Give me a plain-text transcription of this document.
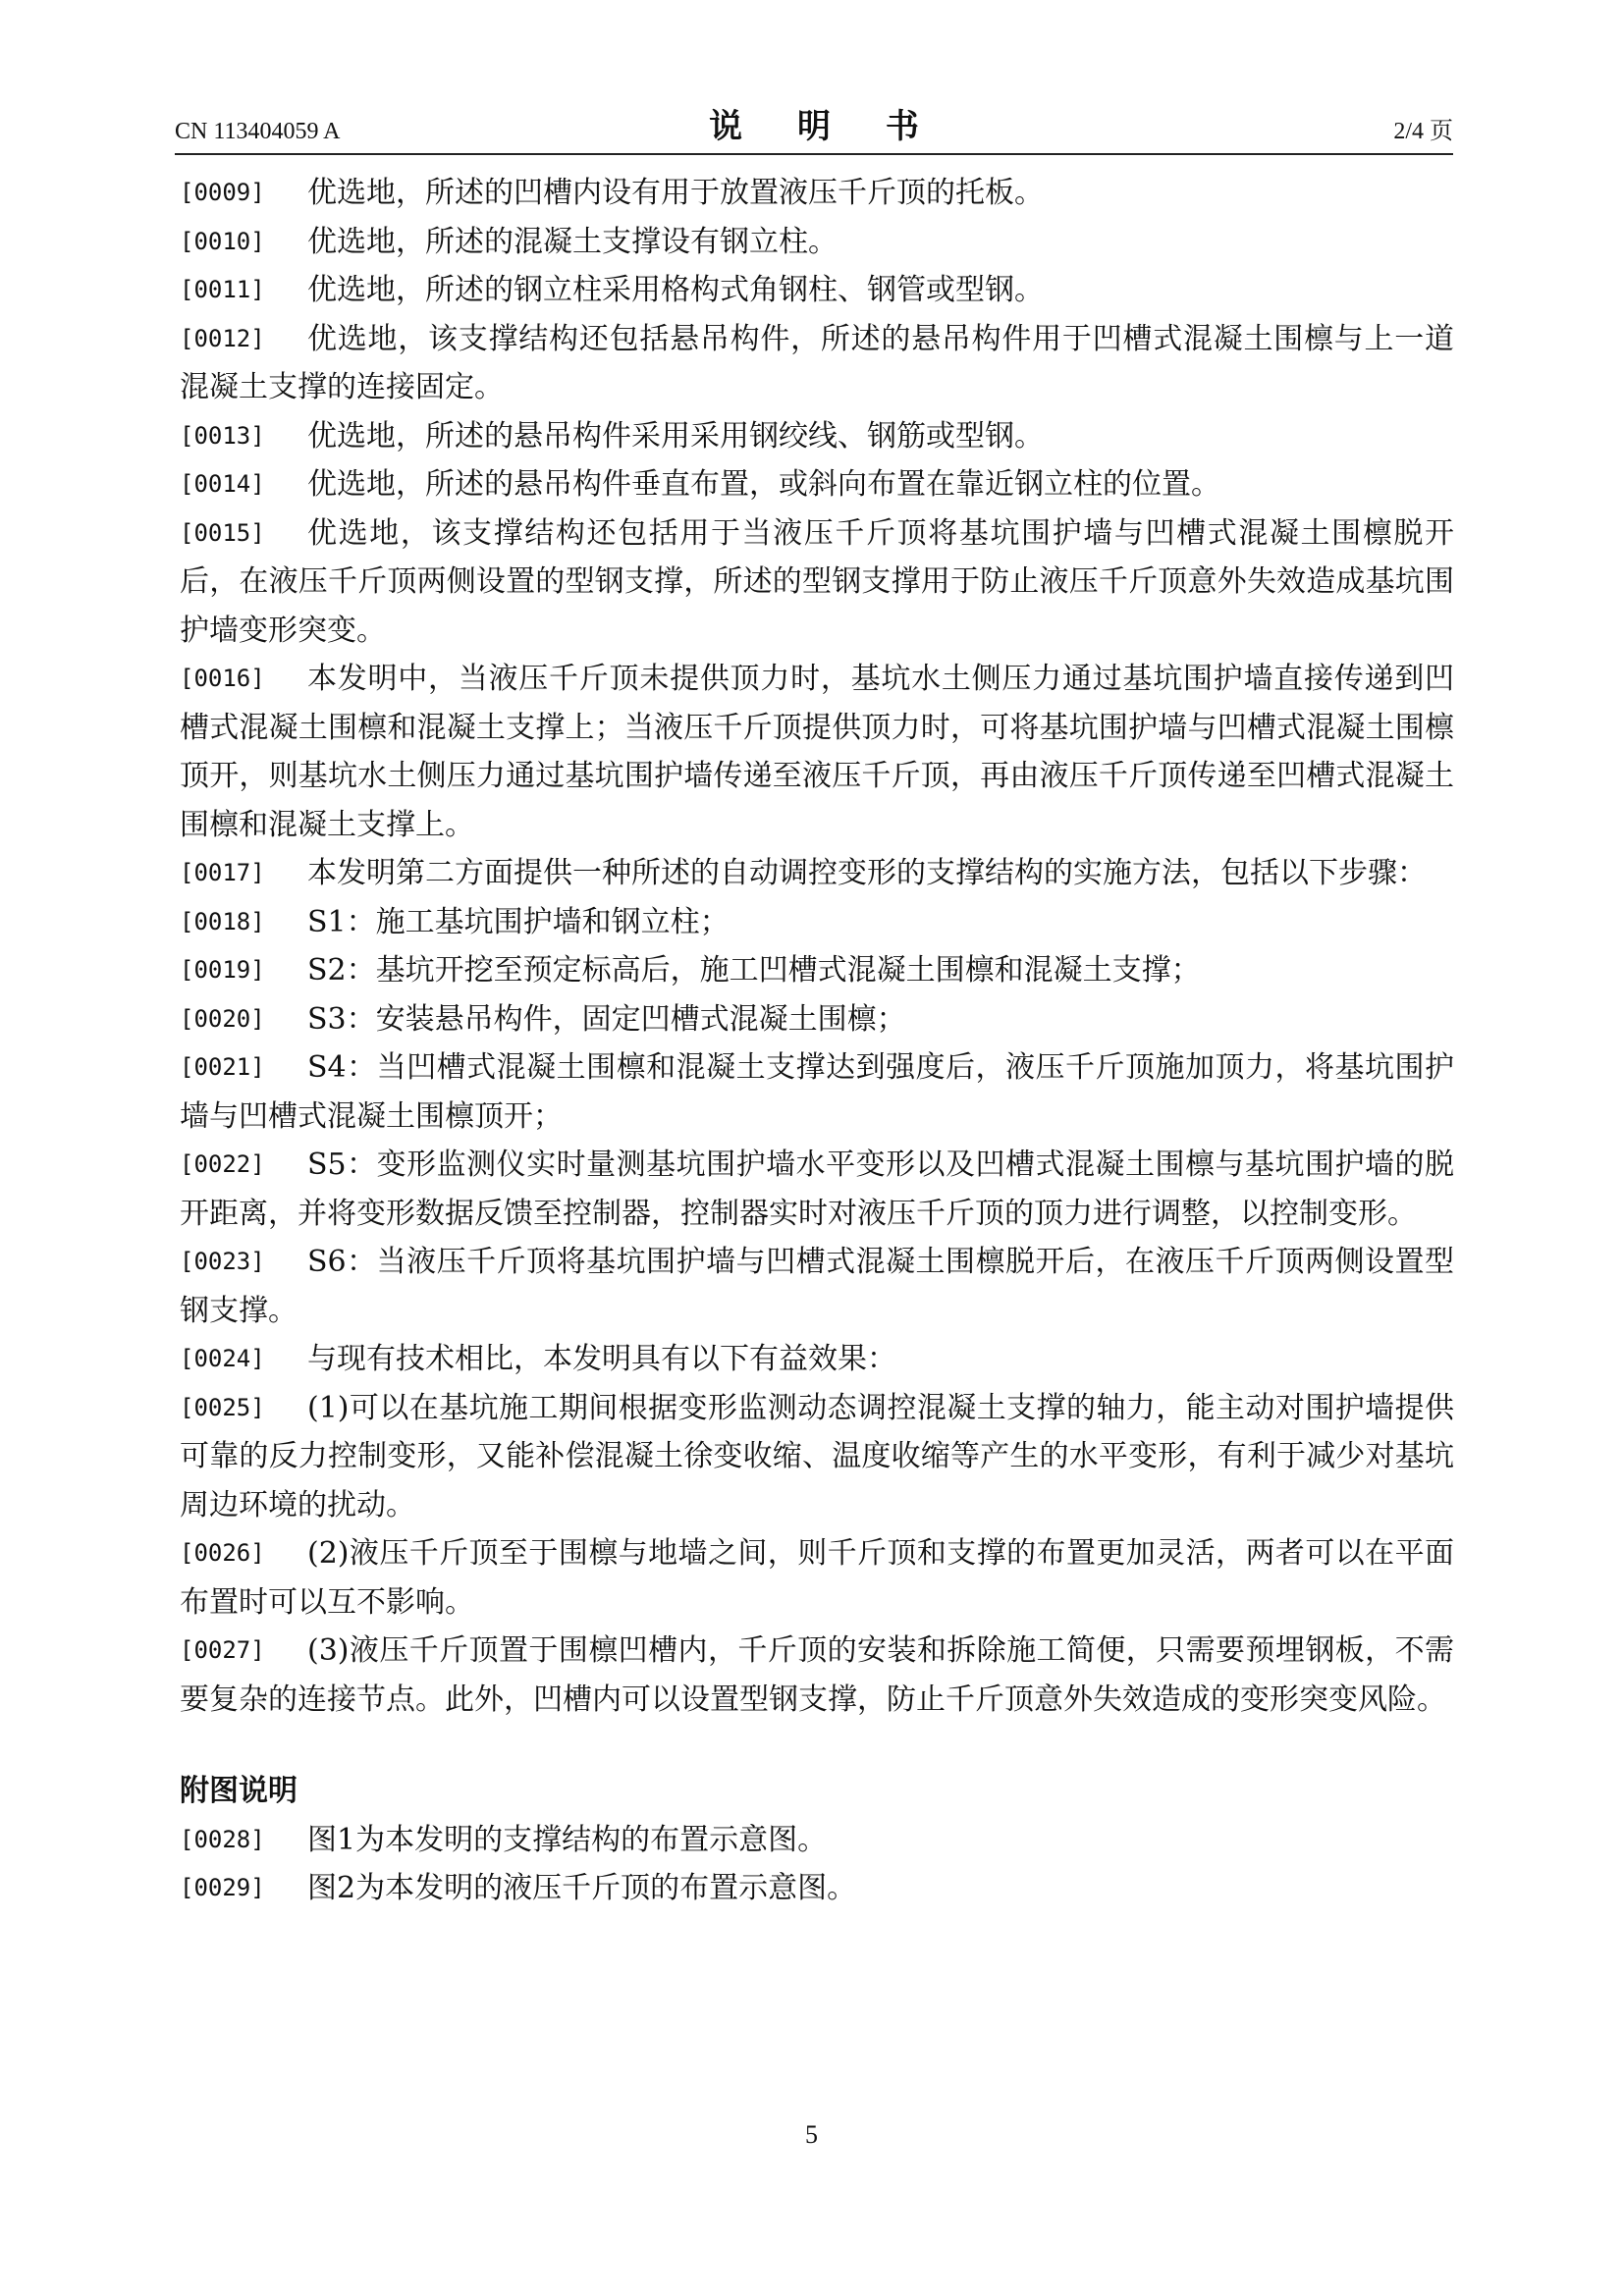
CN 113404059 A	说 明 书	2/4 页

[0009]	优选地，所述的凹槽内设有用于放置液压千斤顶的托板。

[0010]	优选地，所述的混凝土支撑设有钢立柱。

[0011]	优选地，所述的钢立柱采用格构式角钢柱、钢管或型钢。

[0012]	优选地，该支撑结构还包括悬吊构件，所述的悬吊构件用于凹槽式混凝土围檩与上一道混凝土支撑的连接固定。

[0013]	优选地，所述的悬吊构件采用采用钢绞线、钢筋或型钢。

[0014]	优选地，所述的悬吊构件垂直布置，或斜向布置在靠近钢立柱的位置。

[0015]	优选地，该支撑结构还包括用于当液压千斤顶将基坑围护墙与凹槽式混凝土围檩脱开后，在液压千斤顶两侧设置的型钢支撑，所述的型钢支撑用于防止液压千斤顶意外失效造成基坑围护墙变形突变。

[0016]	本发明中，当液压千斤顶未提供顶力时，基坑水土侧压力通过基坑围护墙直接传递到凹槽式混凝土围檩和混凝土支撑上；当液压千斤顶提供顶力时，可将基坑围护墙与凹槽式混凝土围檩顶开，则基坑水土侧压力通过基坑围护墙传递至液压千斤顶，再由液压千斤顶传递至凹槽式混凝土围檩和混凝土支撑上。

[0017]	本发明第二方面提供一种所述的自动调控变形的支撑结构的实施方法，包括以下步骤：

[0018]	S1：施工基坑围护墙和钢立柱；

[0019]	S2：基坑开挖至预定标高后，施工凹槽式混凝土围檩和混凝土支撑；

[0020]	S3：安装悬吊构件，固定凹槽式混凝土围檩；

[0021]	S4：当凹槽式混凝土围檩和混凝土支撑达到强度后，液压千斤顶施加顶力，将基坑围护墙与凹槽式混凝土围檩顶开；

[0022]	S5：变形监测仪实时量测基坑围护墙水平变形以及凹槽式混凝土围檩与基坑围护墙的脱开距离，并将变形数据反馈至控制器，控制器实时对液压千斤顶的顶力进行调整，以控制变形。

[0023]	S6：当液压千斤顶将基坑围护墙与凹槽式混凝土围檩脱开后，在液压千斤顶两侧设置型钢支撑。

[0024]	与现有技术相比，本发明具有以下有益效果：

[0025]	(1)可以在基坑施工期间根据变形监测动态调控混凝土支撑的轴力，能主动对围护墙提供可靠的反力控制变形，又能补偿混凝土徐变收缩、温度收缩等产生的水平变形，有利于减少对基坑周边环境的扰动。

[0026]	(2)液压千斤顶至于围檩与地墙之间，则千斤顶和支撑的布置更加灵活，两者可以在平面布置时可以互不影响。

[0027]	(3)液压千斤顶置于围檩凹槽内，千斤顶的安装和拆除施工简便，只需要预埋钢板，不需要复杂的连接节点。此外，凹槽内可以设置型钢支撑，防止千斤顶意外失效造成的变形突变风险。

附图说明

[0028]	图1为本发明的支撑结构的布置示意图。

[0029]	图2为本发明的液压千斤顶的布置示意图。

5
